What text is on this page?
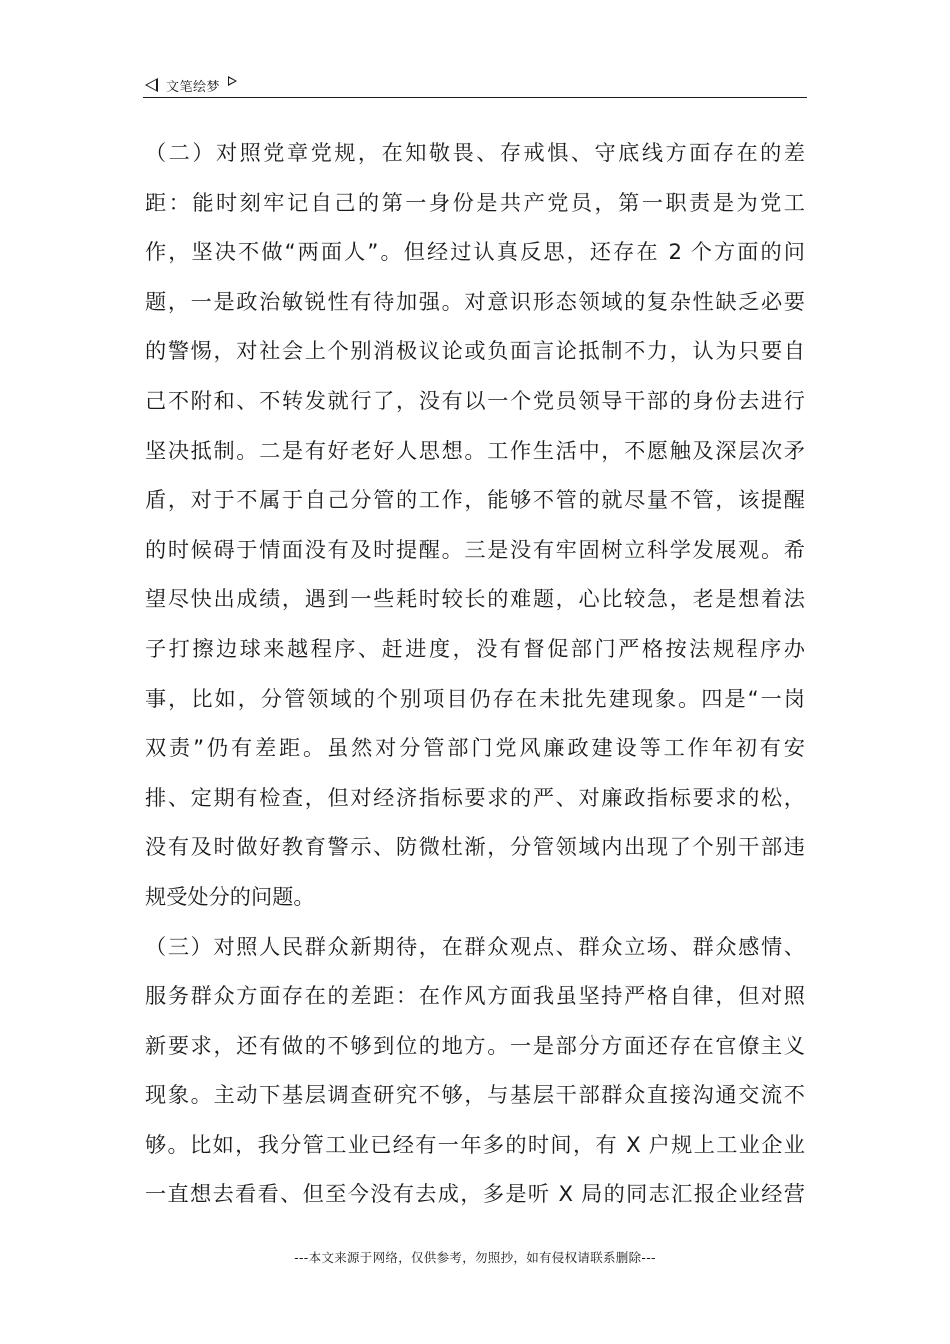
文笔绘梦
（二）对照党章党规，在知敬畏、存戒惧、守底线方面存在的差
距：能时刻牢记自己的第一身份是共产党员，第一职责是为党工
作，坚决不做“两面人”。但经过认真反思，还存在 2 个方面的问
题，一是政治敏锐性有待加强。对意识形态领域的复杂性缺乏必要
的警惕，对社会上个别消极议论或负面言论抵制不力，认为只要自
己不附和、不转发就行了，没有以一个党员领导干部的身份去进行
坚决抵制。二是有好老好人思想。工作生活中，不愿触及深层次矛
盾，对于不属于自己分管的工作，能够不管的就尽量不管，该提醒
的时候碍于情面没有及时提醒。三是没有牢固树立科学发展观。希
望尽快出成绩，遇到一些耗时较长的难题，心比较急，老是想着法
子打擦边球来越程序、赶进度，没有督促部门严格按法规程序办
事，比如，分管领域的个别项目仍存在未批先建现象。四是“一岗
双责”仍有差距。虽然对分管部门党风廉政建设等工作年初有安
排、定期有检查，但对经济指标要求的严、对廉政指标要求的松，
没有及时做好教育警示、防微杜渐，分管领域内出现了个别干部违
规受处分的问题。
（三）对照人民群众新期待，在群众观点、群众立场、群众感情、
服务群众方面存在的差距：在作风方面我虽坚持严格自律，但对照
新要求，还有做的不够到位的地方。一是部分方面还存在官僚主义
现象。主动下基层调查研究不够，与基层干部群众直接沟通交流不
够。比如，我分管工业已经有一年多的时间，有 X 户规上工业企业
一直想去看看、但至今没有去成，多是听 X 局的同志汇报企业经营
---本文来源于网络，仅供参考，勿照抄，如有侵权请联系删除---
